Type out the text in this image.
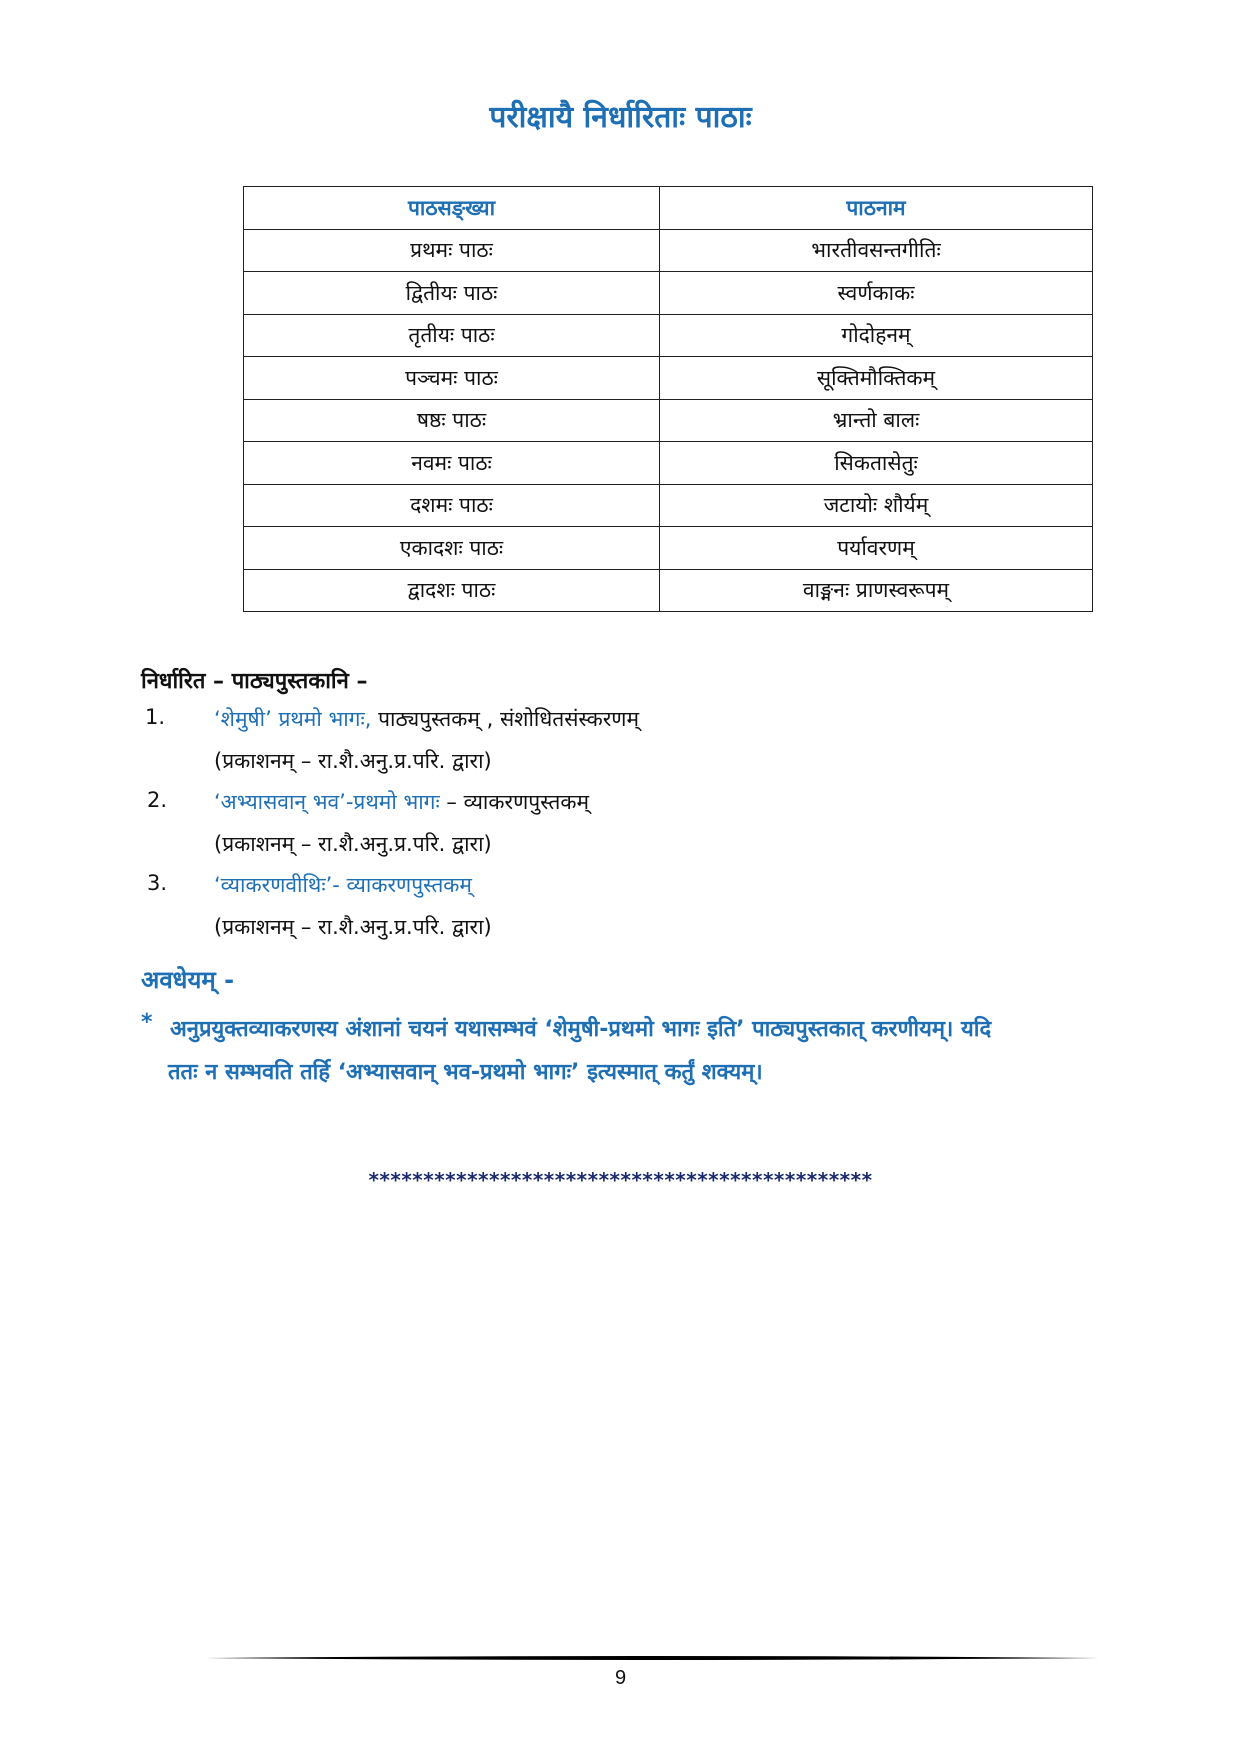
परीक्षायै निर्धारिताः पाठाः
पाठसङ्ख्या	पाठनाम
प्रथमः पाठः	भारतीवसन्तगीतिः
द्वितीयः पाठः	स्वर्णकाकः
तृतीयः पाठः	गोदोहनम्
पञ्चमः पाठः	सूक्तिमौक्तिकम्
षष्ठः पाठः	भ्रान्तो बालः
नवमः पाठः	सिकतासेतुः
दशमः पाठः	जटायोः शौर्यम्
एकादशः पाठः	पर्यावरणम्
द्वादशः पाठः	वाङ्मनः प्राणस्वरूपम्
निर्धारित – पाठ्यपुस्तकानि –
1.	‘शेमुषी’ प्रथमो भागः, पाठ्यपुस्तकम् , संशोधितसंस्करणम्
(प्रकाशनम् – रा.शै.अनु.प्र.परि. द्वारा)
2.	‘अभ्यासवान् भव’-प्रथमो भागः – व्याकरणपुस्तकम्
(प्रकाशनम् – रा.शै.अनु.प्र.परि. द्वारा)
3.	‘व्याकरणवीथिः’- व्याकरणपुस्तकम्
(प्रकाशनम् – रा.शै.अनु.प्र.परि. द्वारा)
अवधेयम् -
* अनुप्रयुक्तव्याकरणस्य अंशानां चयनं यथासम्भवं ‘शेमुषी-प्रथमो भागः इति’ पाठ्यपुस्तकात् करणीयम्। यदि
ततः न सम्भवति तर्हि ‘अभ्यासवान् भव-प्रथमो भागः’ इत्यस्मात् कर्तुं शक्यम्।
**********************************************
9
